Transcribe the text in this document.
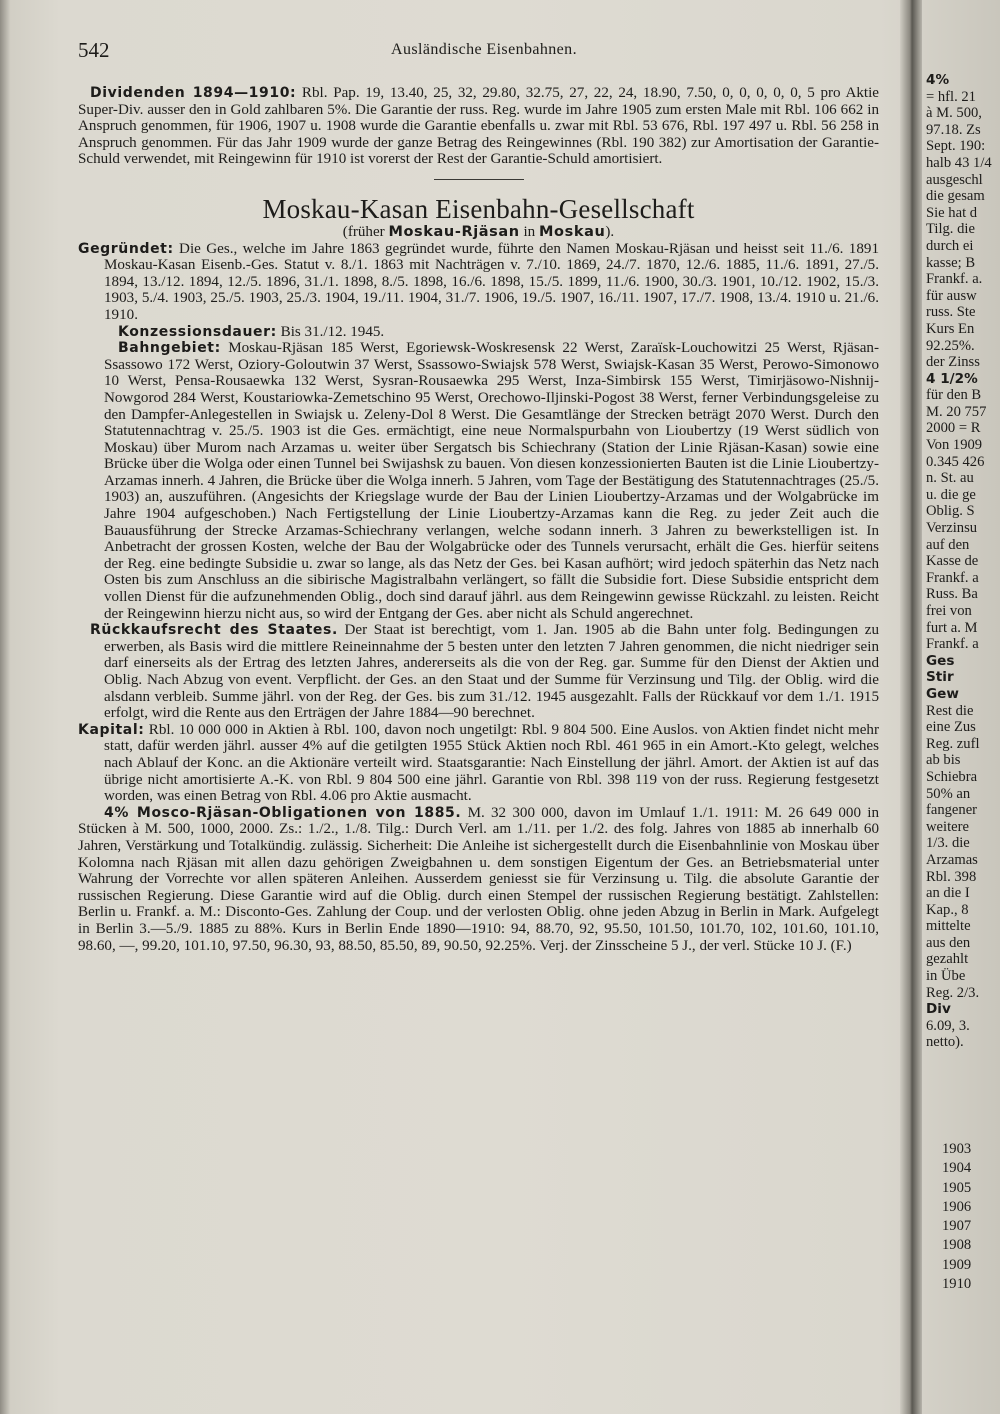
542	Ausländische Eisenbahnen.

Dividenden 1894—1910: Rbl. Pap. 19, 13.40, 25, 32, 29.80, 32.75, 27, 22, 24, 18.90, 7.50, 0, 0, 0, 0, 0, 5 pro Aktie Super-Div. ausser den in Gold zahlbaren 5%. Die Garantie der russ. Reg. wurde im Jahre 1905 zum ersten Male mit Rbl. 106 662 in Anspruch genommen, für 1906, 1907 u. 1908 wurde die Garantie ebenfalls u. zwar mit Rbl. 53 676, Rbl. 197 497 u. Rbl. 56 258 in Anspruch genommen. Für das Jahr 1909 wurde der ganze Betrag des Reingewinnes (Rbl. 190 382) zur Amortisation der Garantie-Schuld verwendet, mit Reingewinn für 1910 ist vorerst der Rest der Garantie-Schuld amortisiert.

Moskau-Kasan Eisenbahn-Gesellschaft

(früher Moskau-Rjäsan in Moskau).

Gegründet: Die Ges., welche im Jahre 1863 gegründet wurde, führte den Namen Moskau-Rjäsan und heisst seit 11./6. 1891 Moskau-Kasan Eisenb.-Ges. Statut v. 8./1. 1863 mit Nachträgen v. 7./10. 1869, 24./7. 1870, 12./6. 1885, 11./6. 1891, 27./5. 1894, 13./12. 1894, 12./5. 1896, 31./1. 1898, 8./5. 1898, 16./6. 1898, 15./5. 1899, 11./6. 1900, 30./3. 1901, 10./12. 1902, 15./3. 1903, 5./4. 1903, 25./5. 1903, 25./3. 1904, 19./11. 1904, 31./7. 1906, 19./5. 1907, 16./11. 1907, 17./7. 1908, 13./4. 1910 u. 21./6. 1910.

Konzessionsdauer: Bis 31./12. 1945.

Bahngebiet: Moskau-Rjäsan 185 Werst, Egoriewsk-Woskresensk 22 Werst, Zaraïsk-Louchowitzi 25 Werst, Rjäsan-Ssassowo 172 Werst, Oziory-Goloutwin 37 Werst, Ssassowo-Swiajsk 578 Werst, Swiajsk-Kasan 35 Werst, Perowo-Simonowo 10 Werst, Pensa-Rousaewka 132 Werst, Sysran-Rousaewka 295 Werst, Inza-Simbirsk 155 Werst, Timirjäsowo-Nishnij-Nowgorod 284 Werst, Koustariowka-Zemetschino 95 Werst, Orechowo-Iljinski-Pogost 38 Werst, ferner Verbindungsgeleise zu den Dampfer-Anlegestellen in Swiajsk u. Zeleny-Dol 8 Werst. Die Gesamtlänge der Strecken beträgt 2070 Werst. Durch den Statutennachtrag v. 25./5. 1903 ist die Ges. ermächtigt, eine neue Normalspurbahn von Lioubertzy (19 Werst südlich von Moskau) über Murom nach Arzamas u. weiter über Sergatsch bis Schiechrany (Station der Linie Rjäsan-Kasan) sowie eine Brücke über die Wolga oder einen Tunnel bei Swijashsk zu bauen. Von diesen konzessionierten Bauten ist die Linie Lioubertzy-Arzamas innerh. 4 Jahren, die Brücke über die Wolga innerh. 5 Jahren, vom Tage der Bestätigung des Statutennachtrages (25./5. 1903) an, auszuführen. (Angesichts der Kriegslage wurde der Bau der Linien Lioubertzy-Arzamas und der Wolgabrücke im Jahre 1904 aufgeschoben.) Nach Fertigstellung der Linie Lioubertzy-Arzamas kann die Reg. zu jeder Zeit auch die Bauausführung der Strecke Arzamas-Schiechrany verlangen, welche sodann innerh. 3 Jahren zu bewerkstelligen ist. In Anbetracht der grossen Kosten, welche der Bau der Wolgabrücke oder des Tunnels verursacht, erhält die Ges. hierfür seitens der Reg. eine bedingte Subsidie u. zwar so lange, als das Netz der Ges. bei Kasan aufhört; wird jedoch späterhin das Netz nach Osten bis zum Anschluss an die sibirische Magistralbahn verlängert, so fällt die Subsidie fort. Diese Subsidie entspricht dem vollen Dienst für die aufzunehmenden Oblig., doch sind darauf jährl. aus dem Reingewinn gewisse Rückzahl. zu leisten. Reicht der Reingewinn hierzu nicht aus, so wird der Entgang der Ges. aber nicht als Schuld angerechnet.

Rückkaufsrecht des Staates. Der Staat ist berechtigt, vom 1. Jan. 1905 ab die Bahn unter folg. Bedingungen zu erwerben, als Basis wird die mittlere Reineinnahme der 5 besten unter den letzten 7 Jahren genommen, die nicht niedriger sein darf einerseits als der Ertrag des letzten Jahres, andererseits als die von der Reg. gar. Summe für den Dienst der Aktien und Oblig. Nach Abzug von event. Verpflicht. der Ges. an den Staat und der Summe für Verzinsung und Tilg. der Oblig. wird die alsdann verbleib. Summe jährl. von der Reg. der Ges. bis zum 31./12. 1945 ausgezahlt. Falls der Rückkauf vor dem 1./1. 1915 erfolgt, wird die Rente aus den Erträgen der Jahre 1884—90 berechnet.

Kapital: Rbl. 10 000 000 in Aktien à Rbl. 100, davon noch ungetilgt: Rbl. 9 804 500. Eine Auslos. von Aktien findet nicht mehr statt, dafür werden jährl. ausser 4% auf die getilgten 1955 Stück Aktien noch Rbl. 461 965 in ein Amort.-Kto gelegt, welches nach Ablauf der Konc. an die Aktionäre verteilt wird. Staatsgarantie: Nach Einstellung der jährl. Amort. der Aktien ist auf das übrige nicht amortisierte A.-K. von Rbl. 9 804 500 eine jährl. Garantie von Rbl. 398 119 von der russ. Regierung festgesetzt worden, was einen Betrag von Rbl. 4.06 pro Aktie ausmacht.

4% Mosco-Rjäsan-Obligationen von 1885. M. 32 300 000, davon im Umlauf 1./1. 1911: M. 26 649 000 in Stücken à M. 500, 1000, 2000. Zs.: 1./2., 1./8. Tilg.: Durch Verl. am 1./11. per 1./2. des folg. Jahres von 1885 ab innerhalb 60 Jahren, Verstärkung und Totalkündig. zulässig. Sicherheit: Die Anleihe ist sichergestellt durch die Eisenbahnlinie von Moskau über Kolomna nach Rjäsan mit allen dazu gehörigen Zweigbahnen u. dem sonstigen Eigentum der Ges. an Betriebsmaterial unter Wahrung der Vorrechte vor allen späteren Anleihen. Ausserdem geniesst sie für Verzinsung u. Tilg. die absolute Garantie der russischen Regierung. Diese Garantie wird auf die Oblig. durch einen Stempel der russischen Regierung bestätigt. Zahlstellen: Berlin u. Frankf. a. M.: Disconto-Ges. Zahlung der Coup. und der verlosten Oblig. ohne jeden Abzug in Berlin in Mark. Aufgelegt in Berlin 3.—5./9. 1885 zu 88%. Kurs in Berlin Ende 1890—1910: 94, 88.70, 92, 95.50, 101.50, 101.70, 102, 101.60, 101.10, 98.60, —, 99.20, 101.10, 97.50, 96.30, 93, 88.50, 85.50, 89, 90.50, 92.25%. Verj. der Zinsscheine 5 J., der verl. Stücke 10 J. (F.)

4%
= hfl. 21
à M. 500,
97.18. Zs
Sept. 190:
halb 43 1/4
ausgeschl
die gesam
Sie hat d
Tilg. die
durch ei
kasse; B
Frankf. a.
für ausw
russ. Ste
Kurs En
92.25%.
der Zinss
4 1/2%
für den B
M. 20 757
2000 = R
Von 1909
0.345 426
n. St. au
u. die ge
Oblig. S
Verzinsu
auf den
Kasse de
Frankf. a
Russ. Ba
frei von
furt a. M
Frankf. a
Ges
Stir
Gew
Rest die
eine Zus
Reg. zufl
ab bis
Schiebra
50% an
fangener
weitere
1/3. die
Arzamas
Rbl. 398
an die I
Kap., 8
mittelte
aus den
gezahlt
in Übe
Reg. 2/3.
Div
6.09, 3.
netto).
1903
1904
1905
1906
1907
1908
1909
1910
